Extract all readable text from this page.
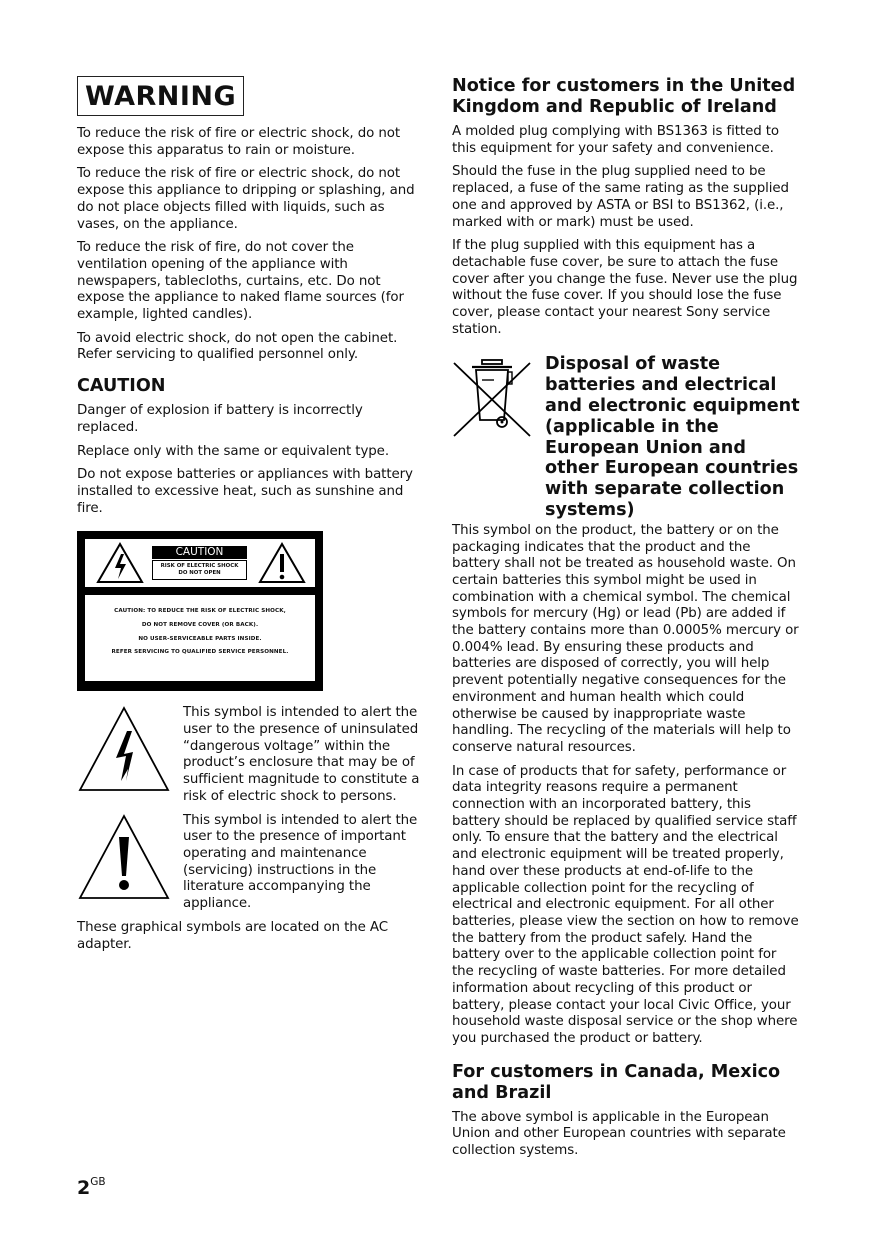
WARNING

To reduce the risk of fire or electric shock, do not expose this apparatus to rain or moisture.

To reduce the risk of fire or electric shock, do not expose this appliance to dripping or splashing, and do not place objects filled with liquids, such as vases, on the appliance.

To reduce the risk of fire, do not cover the ventilation opening of the appliance with newspapers, tablecloths, curtains, etc. Do not expose the appliance to naked flame sources (for example, lighted candles).

To avoid electric shock, do not open the cabinet. Refer servicing to qualified personnel only.

CAUTION

Danger of explosion if battery is incorrectly replaced.

Replace only with the same or equivalent type.

Do not expose batteries or appliances with battery installed to excessive heat, such as sunshine and fire.

CAUTION
RISK OF ELECTRIC SHOCK
DO NOT OPEN
CAUTION: TO REDUCE THE RISK OF ELECTRIC SHOCK,
DO NOT REMOVE COVER (OR BACK).
NO USER-SERVICEABLE PARTS INSIDE.
REFER SERVICING TO QUALIFIED SERVICE PERSONNEL.

This symbol is intended to alert the user to the presence of uninsulated “dangerous voltage” within the product’s enclosure that may be of sufficient magnitude to constitute a risk of electric shock to persons.

This symbol is intended to alert the user to the presence of important operating and maintenance (servicing) instructions in the literature accompanying the appliance.

These graphical symbols are located on the AC adapter.

Notice for customers in the United Kingdom and Republic of Ireland

A molded plug complying with BS1363 is fitted to this equipment for your safety and convenience.

Should the fuse in the plug supplied need to be replaced, a fuse of the same rating as the supplied one and approved by ASTA or BSI to BS1362, (i.e., marked with or mark) must be used.

If the plug supplied with this equipment has a detachable fuse cover, be sure to attach the fuse cover after you change the fuse. Never use the plug without the fuse cover. If you should lose the fuse cover, please contact your nearest Sony service station.

Disposal of waste batteries and electrical and electronic equipment (applicable in the European Union and other European countries with separate collection systems)

This symbol on the product, the battery or on the packaging indicates that the product and the battery shall not be treated as household waste. On certain batteries this symbol might be used in combination with a chemical symbol. The chemical symbols for mercury (Hg) or lead (Pb) are added if the battery contains more than 0.0005% mercury or 0.004% lead. By ensuring these products and batteries are disposed of correctly, you will help prevent potentially negative consequences for the environment and human health which could otherwise be caused by inappropriate waste handling. The recycling of the materials will help to conserve natural resources.

In case of products that for safety, performance or data integrity reasons require a permanent connection with an incorporated battery, this battery should be replaced by qualified service staff only. To ensure that the battery and the electrical and electronic equipment will be treated properly, hand over these products at end-of-life to the applicable collection point for the recycling of electrical and electronic equipment. For all other batteries, please view the section on how to remove the battery from the product safely. Hand the battery over to the applicable collection point for the recycling of waste batteries. For more detailed information about recycling of this product or battery, please contact your local Civic Office, your household waste disposal service or the shop where you purchased the product or battery.

For customers in Canada, Mexico and Brazil

The above symbol is applicable in the European Union and other European countries with separate collection systems.

$2^{GB}$
